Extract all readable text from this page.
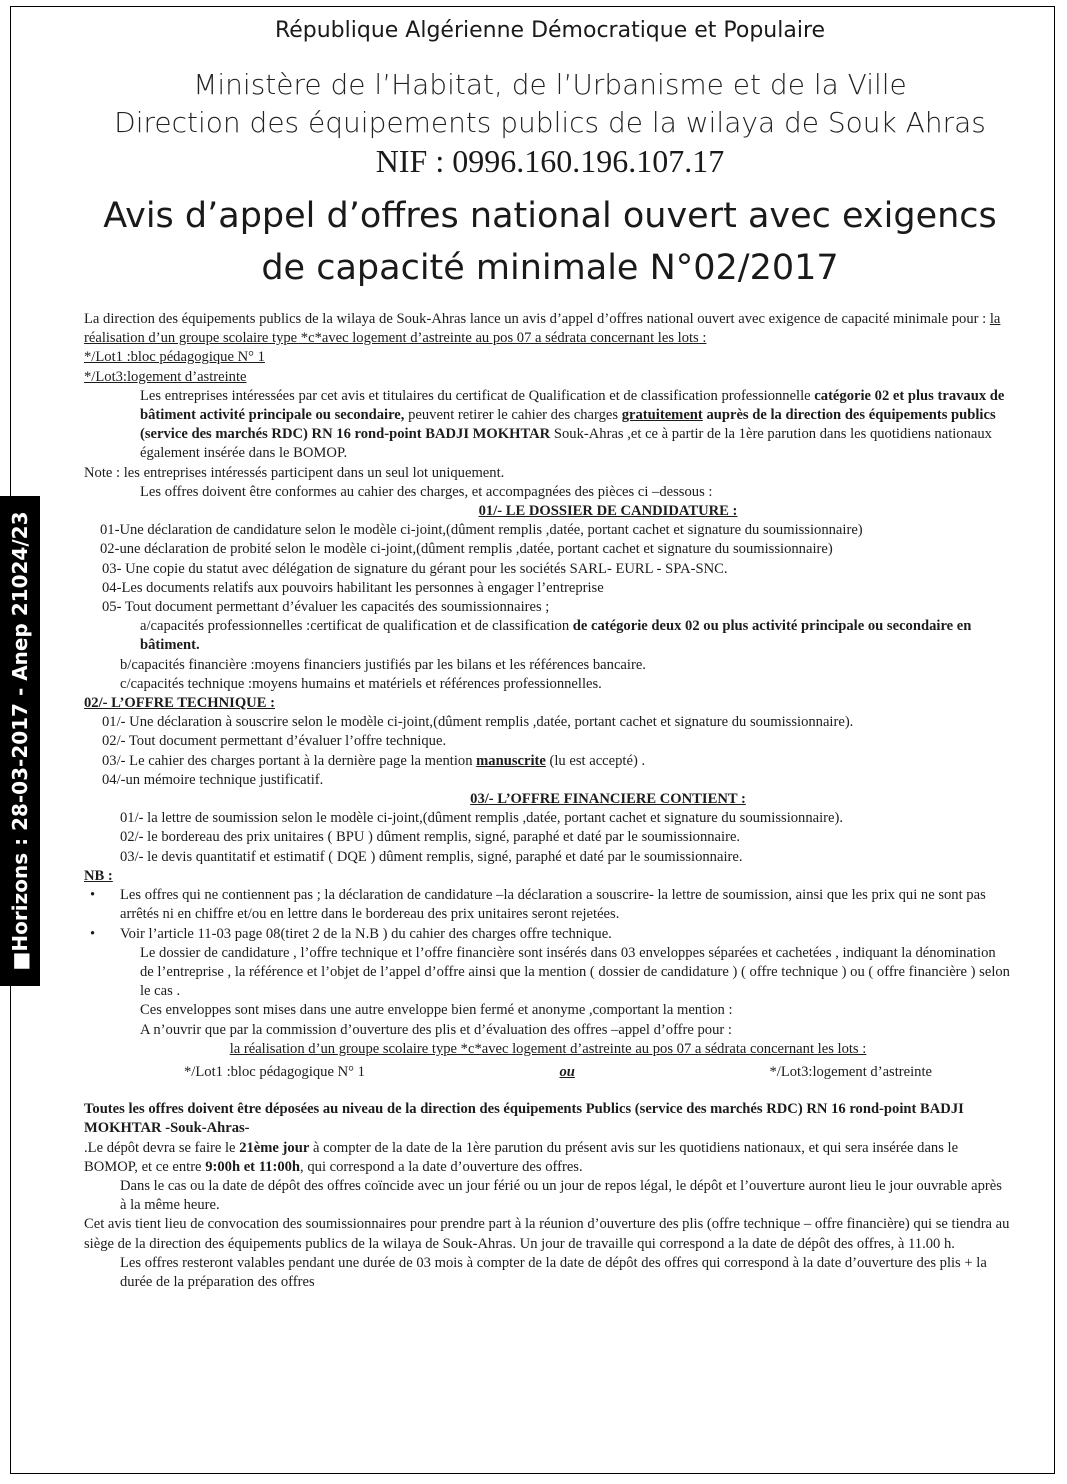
■Horizons : 28-03-2017 - Anep 21024/23
République Algérienne Démocratique et Populaire
Ministère de l’Habitat, de l’Urbanisme et de la Ville
Direction des équipements publics de la wilaya de Souk Ahras
NIF : 0996.160.196.107.17
Avis d’appel d’offres national ouvert avec exigencs
de capacité minimale N°02/2017

La direction des équipements publics de la wilaya de Souk-Ahras lance un avis d’appel d’offres national ouvert avec exigence de capacité minimale pour : la réalisation d’un groupe scolaire type *c*avec logement d’astreinte au pos 07 a sédrata concernant les lots :

*/Lot1 :bloc pédagogique N° 1

*/Lot3:logement d’astreinte

Les entreprises intéressées par cet avis et titulaires du certificat de Qualification et de classification professionnelle catégorie 02 et plus travaux de bâtiment activité principale ou secondaire, peuvent retirer le cahier des charges gratuitement auprès de la direction des équipements publics (service des marchés RDC) RN 16 rond-point BADJI MOKHTAR Souk-Ahras ,et ce à partir de la 1ère parution dans les quotidiens nationaux également insérée dans le BOMOP.

Note : les entreprises intéressés participent dans un seul lot uniquement.

Les offres doivent être conformes au cahier des charges, et accompagnées des pièces ci –dessous :

01/- LE DOSSIER DE CANDIDATURE :

01-Une déclaration de candidature selon le modèle ci-joint,(dûment remplis ,datée, portant cachet et signature du soumissionnaire)

02-une déclaration de probité selon le modèle ci-joint,(dûment remplis ,datée, portant cachet et signature du soumissionnaire)

03- Une copie du statut avec délégation de signature du gérant pour les sociétés SARL- EURL - SPA-SNC.

04-Les documents relatifs aux pouvoirs habilitant les personnes à engager l’entreprise

05- Tout document permettant d’évaluer les capacités des soumissionnaires ;

a/capacités professionnelles :certificat de qualification et de classification de catégorie deux 02 ou plus activité principale ou secondaire en bâtiment.

b/capacités financière :moyens financiers justifiés par les bilans et les références bancaire.

c/capacités technique :moyens humains et matériels et références professionnelles.

02/- L’OFFRE TECHNIQUE :

01/- Une déclaration à souscrire selon le modèle ci-joint,(dûment remplis ,datée, portant cachet et signature du soumissionnaire).

02/- Tout document permettant d’évaluer l’offre technique.

03/- Le cahier des charges portant à la dernière page la mention manuscrite (lu est accepté) .

04/-un mémoire technique justificatif.

03/- L’OFFRE FINANCIERE CONTIENT :

01/- la lettre de soumission selon le modèle ci-joint,(dûment remplis ,datée, portant cachet et signature du soumissionnaire).

02/- le bordereau des prix unitaires ( BPU ) dûment remplis, signé, paraphé et daté par le soumissionnaire.

03/- le devis quantitatif et estimatif ( DQE ) dûment remplis, signé, paraphé et daté par le soumissionnaire.

NB :

• Les offres qui ne contiennent pas ; la déclaration de candidature –la déclaration a souscrire- la lettre de soumission, ainsi que les prix qui ne sont pas arrêtés ni en chiffre et/ou en lettre dans le bordereau des prix unitaires seront rejetées.

• Voir l’article 11-03 page 08(tiret 2 de la N.B ) du cahier des charges offre technique.

Le dossier de candidature , l’offre technique et l’offre financière sont insérés dans 03 enveloppes séparées et cachetées , indiquant la dénomination de l’entreprise , la référence et l’objet de l’appel d’offre ainsi que la mention ( dossier de candidature ) ( offre technique ) ou ( offre financière ) selon le cas .

Ces enveloppes sont mises dans une autre enveloppe bien fermé et anonyme ,comportant la mention :

A n’ouvrir que par la commission d’ouverture des plis et d’évaluation des offres –appel d’offre pour :

la réalisation d’un groupe scolaire type *c*avec logement d’astreinte au pos 07 a sédrata concernant les lots :

*/Lot1 :bloc pédagogique N° 1	ou	*/Lot3:logement d’astreinte

Toutes les offres doivent être déposées au niveau de la direction des équipements Publics (service des marchés RDC) RN 16 rond-point BADJI MOKHTAR -Souk-Ahras-

.Le dépôt devra se faire le 21ème jour à compter de la date de la 1ère parution du présent avis sur les quotidiens nationaux, et qui sera insérée dans le BOMOP, et ce entre 9:00h et 11:00h, qui correspond a la date d’ouverture des offres.

Dans le cas ou la date de dépôt des offres coïncide avec un jour férié ou un jour de repos légal, le dépôt et l’ouverture auront lieu le jour ouvrable après à la même heure.

Cet avis tient lieu de convocation des soumissionnaires pour prendre part à la réunion d’ouverture des plis (offre technique – offre financière) qui se tiendra au siège de la direction des équipements publics de la wilaya de Souk-Ahras. Un jour de travaille qui correspond a la date de dépôt des offres, à 11.00 h.

Les offres resteront valables pendant une durée de 03 mois à compter de la date de dépôt des offres qui correspond à la date d’ouverture des plis + la durée de la préparation des offres
